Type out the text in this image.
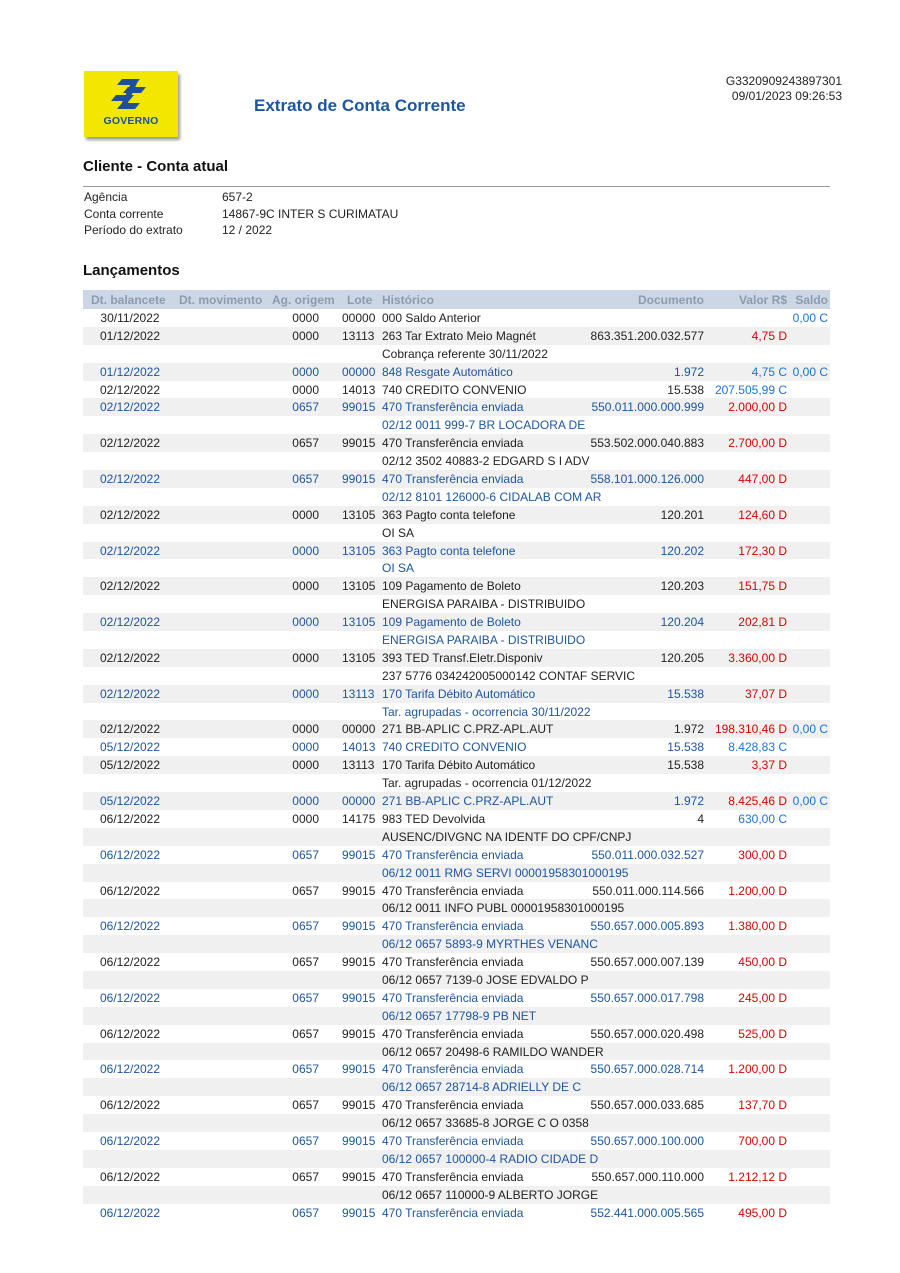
GOVERNO
Extrato de Conta Corrente
G3320909243897301
09/01/2023 09:26:53
Cliente - Conta atual
Agência	657-2
Conta corrente	14867-9C INTER S CURIMATAU
Período do extrato	12 / 2022
Lançamentos
Dt. balancete Dt. movimento Ag. origem Lote Histórico	Documento	Valor R$ Saldo
30/11/2022	0000 00000 000 Saldo Anterior	0,00 C
01/12/2022	0000 13113 263 Tar Extrato Meio Magnét	863.351.200.032.577	4,75 D
Cobrança referente 30/11/2022
01/12/2022	0000 00000 848 Resgate Automático	1.972	4,75 C 0,00 C
02/12/2022	0000 14013 740 CREDITO CONVENIO	15.538 207.505,99 C
02/12/2022	0657 99015 470 Transferência enviada	550.011.000.000.999 2.000,00 D
02/12 0011 999-7 BR LOCADORA DE
02/12/2022	0657 99015 470 Transferência enviada	553.502.000.040.883 2.700,00 D
02/12 3502 40883-2 EDGARD S I ADV
02/12/2022	0657 99015 470 Transferência enviada	558.101.000.126.000	447,00 D
02/12 8101 126000-6 CIDALAB COM AR
02/12/2022	0000 13105 363 Pagto conta telefone	120.201	124,60 D
OI SA
02/12/2022	0000 13105 363 Pagto conta telefone	120.202	172,30 D
OI SA
02/12/2022	0000 13105 109 Pagamento de Boleto	120.203	151,75 D
ENERGISA PARAIBA - DISTRIBUIDO
02/12/2022	0000 13105 109 Pagamento de Boleto	120.204	202,81 D
ENERGISA PARAIBA - DISTRIBUIDO
02/12/2022	0000 13105 393 TED Transf.Eletr.Disponiv	120.205 3.360,00 D
237 5776 034242005000142 CONTAF SERVIC
02/12/2022	0000 13113 170 Tarifa Débito Automático	15.538	37,07 D
Tar. agrupadas - ocorrencia 30/11/2022
02/12/2022	0000 00000 271 BB-APLIC C.PRZ-APL.AUT	1.972 198.310,46 D 0,00 C
05/12/2022	0000 14013 740 CREDITO CONVENIO	15.538 8.428,83 C
05/12/2022	0000 13113 170 Tarifa Débito Automático	15.538	3,37 D
Tar. agrupadas - ocorrencia 01/12/2022
05/12/2022	0000 00000 271 BB-APLIC C.PRZ-APL.AUT	1.972 8.425,46 D 0,00 C
06/12/2022	0000 14175 983 TED Devolvida	4	630,00 C
AUSENC/DIVGNC NA IDENTF DO CPF/CNPJ
06/12/2022	0657 99015 470 Transferência enviada	550.011.000.032.527	300,00 D
06/12 0011 RMG SERVI 00001958301000195
06/12/2022	0657 99015 470 Transferência enviada	550.011.000.114.566 1.200,00 D
06/12 0011 INFO PUBL 00001958301000195
06/12/2022	0657 99015 470 Transferência enviada	550.657.000.005.893 1.380,00 D
06/12 0657 5893-9 MYRTHES VENANC
06/12/2022	0657 99015 470 Transferência enviada	550.657.000.007.139	450,00 D
06/12 0657 7139-0 JOSE EDVALDO P
06/12/2022	0657 99015 470 Transferência enviada	550.657.000.017.798	245,00 D
06/12 0657 17798-9 PB NET
06/12/2022	0657 99015 470 Transferência enviada	550.657.000.020.498	525,00 D
06/12 0657 20498-6 RAMILDO WANDER
06/12/2022	0657 99015 470 Transferência enviada	550.657.000.028.714 1.200,00 D
06/12 0657 28714-8 ADRIELLY DE C
06/12/2022	0657 99015 470 Transferência enviada	550.657.000.033.685	137,70 D
06/12 0657 33685-8 JORGE C O 0358
06/12/2022	0657 99015 470 Transferência enviada	550.657.000.100.000	700,00 D
06/12 0657 100000-4 RADIO CIDADE D
06/12/2022	0657 99015 470 Transferência enviada	550.657.000.110.000 1.212,12 D
06/12 0657 110000-9 ALBERTO JORGE
06/12/2022	0657 99015 470 Transferência enviada	552.441.000.005.565	495,00 D
